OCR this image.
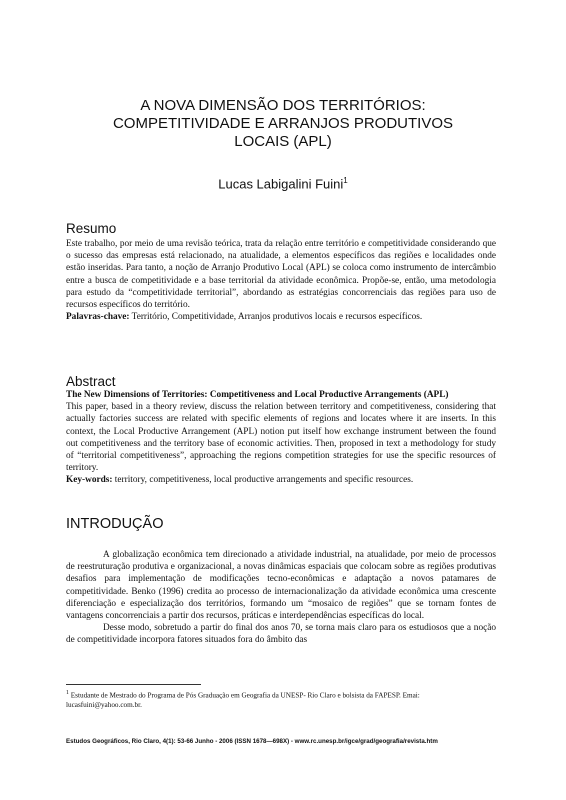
A NOVA DIMENSÃO DOS TERRITÓRIOS:
COMPETITIVIDADE E ARRANJOS PRODUTIVOS
LOCAIS (APL)
Lucas Labigalini Fuini$^1$
Resumo

Este trabalho, por meio de uma revisão teórica, trata da relação entre território e competitividade considerando que o sucesso das empresas está relacionado, na atualidade, a elementos específicos das regiões e localidades onde estão inseridas. Para tanto, a noção de Arranjo Produtivo Local (APL) se coloca como instrumento de intercâmbio entre a busca de competitividade e a base territorial da atividade econômica. Propõe-se, então, uma metodologia para estudo da “competitividade territorial”, abordando as estratégias concorrenciais das regiões para uso de recursos específicos do território.

Palavras-chave: Território, Competitividade, Arranjos produtivos locais e recursos específicos.

Abstract

The New Dimensions of Territories: Competitiveness and Local Productive Arrangements (APL)

This paper, based in a theory review, discuss the relation between territory and competitiveness, considering that actually factories success are related with specific elements of regions and locates where it are inserts. In this context, the Local Productive Arrangement (APL) notion put itself how exchange instrument between the found out competitiveness and the territory base of economic activities. Then, proposed in text a methodology for study of “territorial competitiveness”, approaching the regions competition strategies for use the specific resources of territory.

Key-words: territory, competitiveness, local productive arrangements and specific resources.

INTRODUÇÃO

A globalização econômica tem direcionado a atividade industrial, na atualidade, por meio de processos de reestruturação produtiva e organizacional, a novas dinâmicas espaciais que colocam sobre as regiões produtivas desafios para implementação de modificações tecno-econômicas e adaptação a novos patamares de competitividade. Benko (1996) credita ao processo de internacionalização da atividade econômica uma crescente diferenciação e especialização dos territórios, formando um “mosaico de regiões” que se tornam fontes de vantagens concorrenciais a partir dos recursos, práticas e interdependências específicas do local.

Desse modo, sobretudo a partir do final dos anos 70, se torna mais claro para os estudiosos que a noção de competitividade incorpora fatores situados fora do âmbito das

$^1$ Estudante de Mestrado do Programa de Pós Graduação em Geografia da UNESP- Rio Claro e bolsista da FAPESP. Emai: lucasfuini@yahoo.com.br.
Estudos Geográficos, Rio Claro, 4(1): 53-66 Junho - 2006 (ISSN 1678—698X) - www.rc.unesp.br/igce/grad/geografia/revista.htm
